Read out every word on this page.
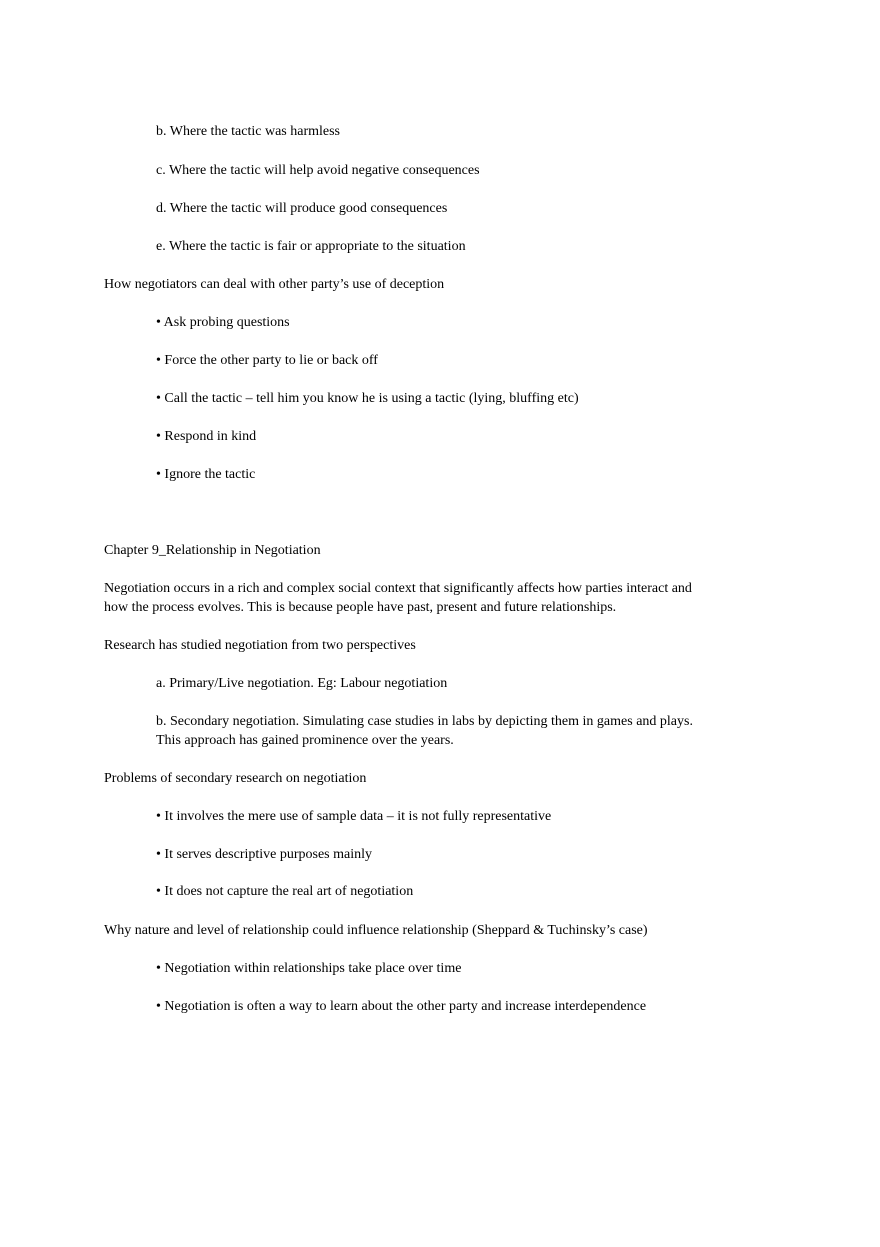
b. Where the tactic was harmless
c. Where the tactic will help avoid negative consequences
d. Where the tactic will produce good consequences
e. Where the tactic is fair or appropriate to the situation
How negotiators can deal with other party’s use of deception
• Ask probing questions
• Force the other party to lie or back off
• Call the tactic – tell him you know he is using a tactic (lying, bluffing etc)
• Respond in kind
• Ignore the tactic
Chapter 9_Relationship in Negotiation
Negotiation occurs in a rich and complex social context that significantly affects how parties interact and
how the process evolves. This is because people have past, present and future relationships.
Research has studied negotiation from two perspectives
a. Primary/Live negotiation. Eg: Labour negotiation
b. Secondary negotiation. Simulating case studies in labs by depicting them in games and plays.
This approach has gained prominence over the years.
Problems of secondary research on negotiation
• It involves the mere use of sample data – it is not fully representative
• It serves descriptive purposes mainly
• It does not capture the real art of negotiation
Why nature and level of relationship could influence relationship (Sheppard & Tuchinsky’s case)
• Negotiation within relationships take place over time
• Negotiation is often a way to learn about the other party and increase interdependence
